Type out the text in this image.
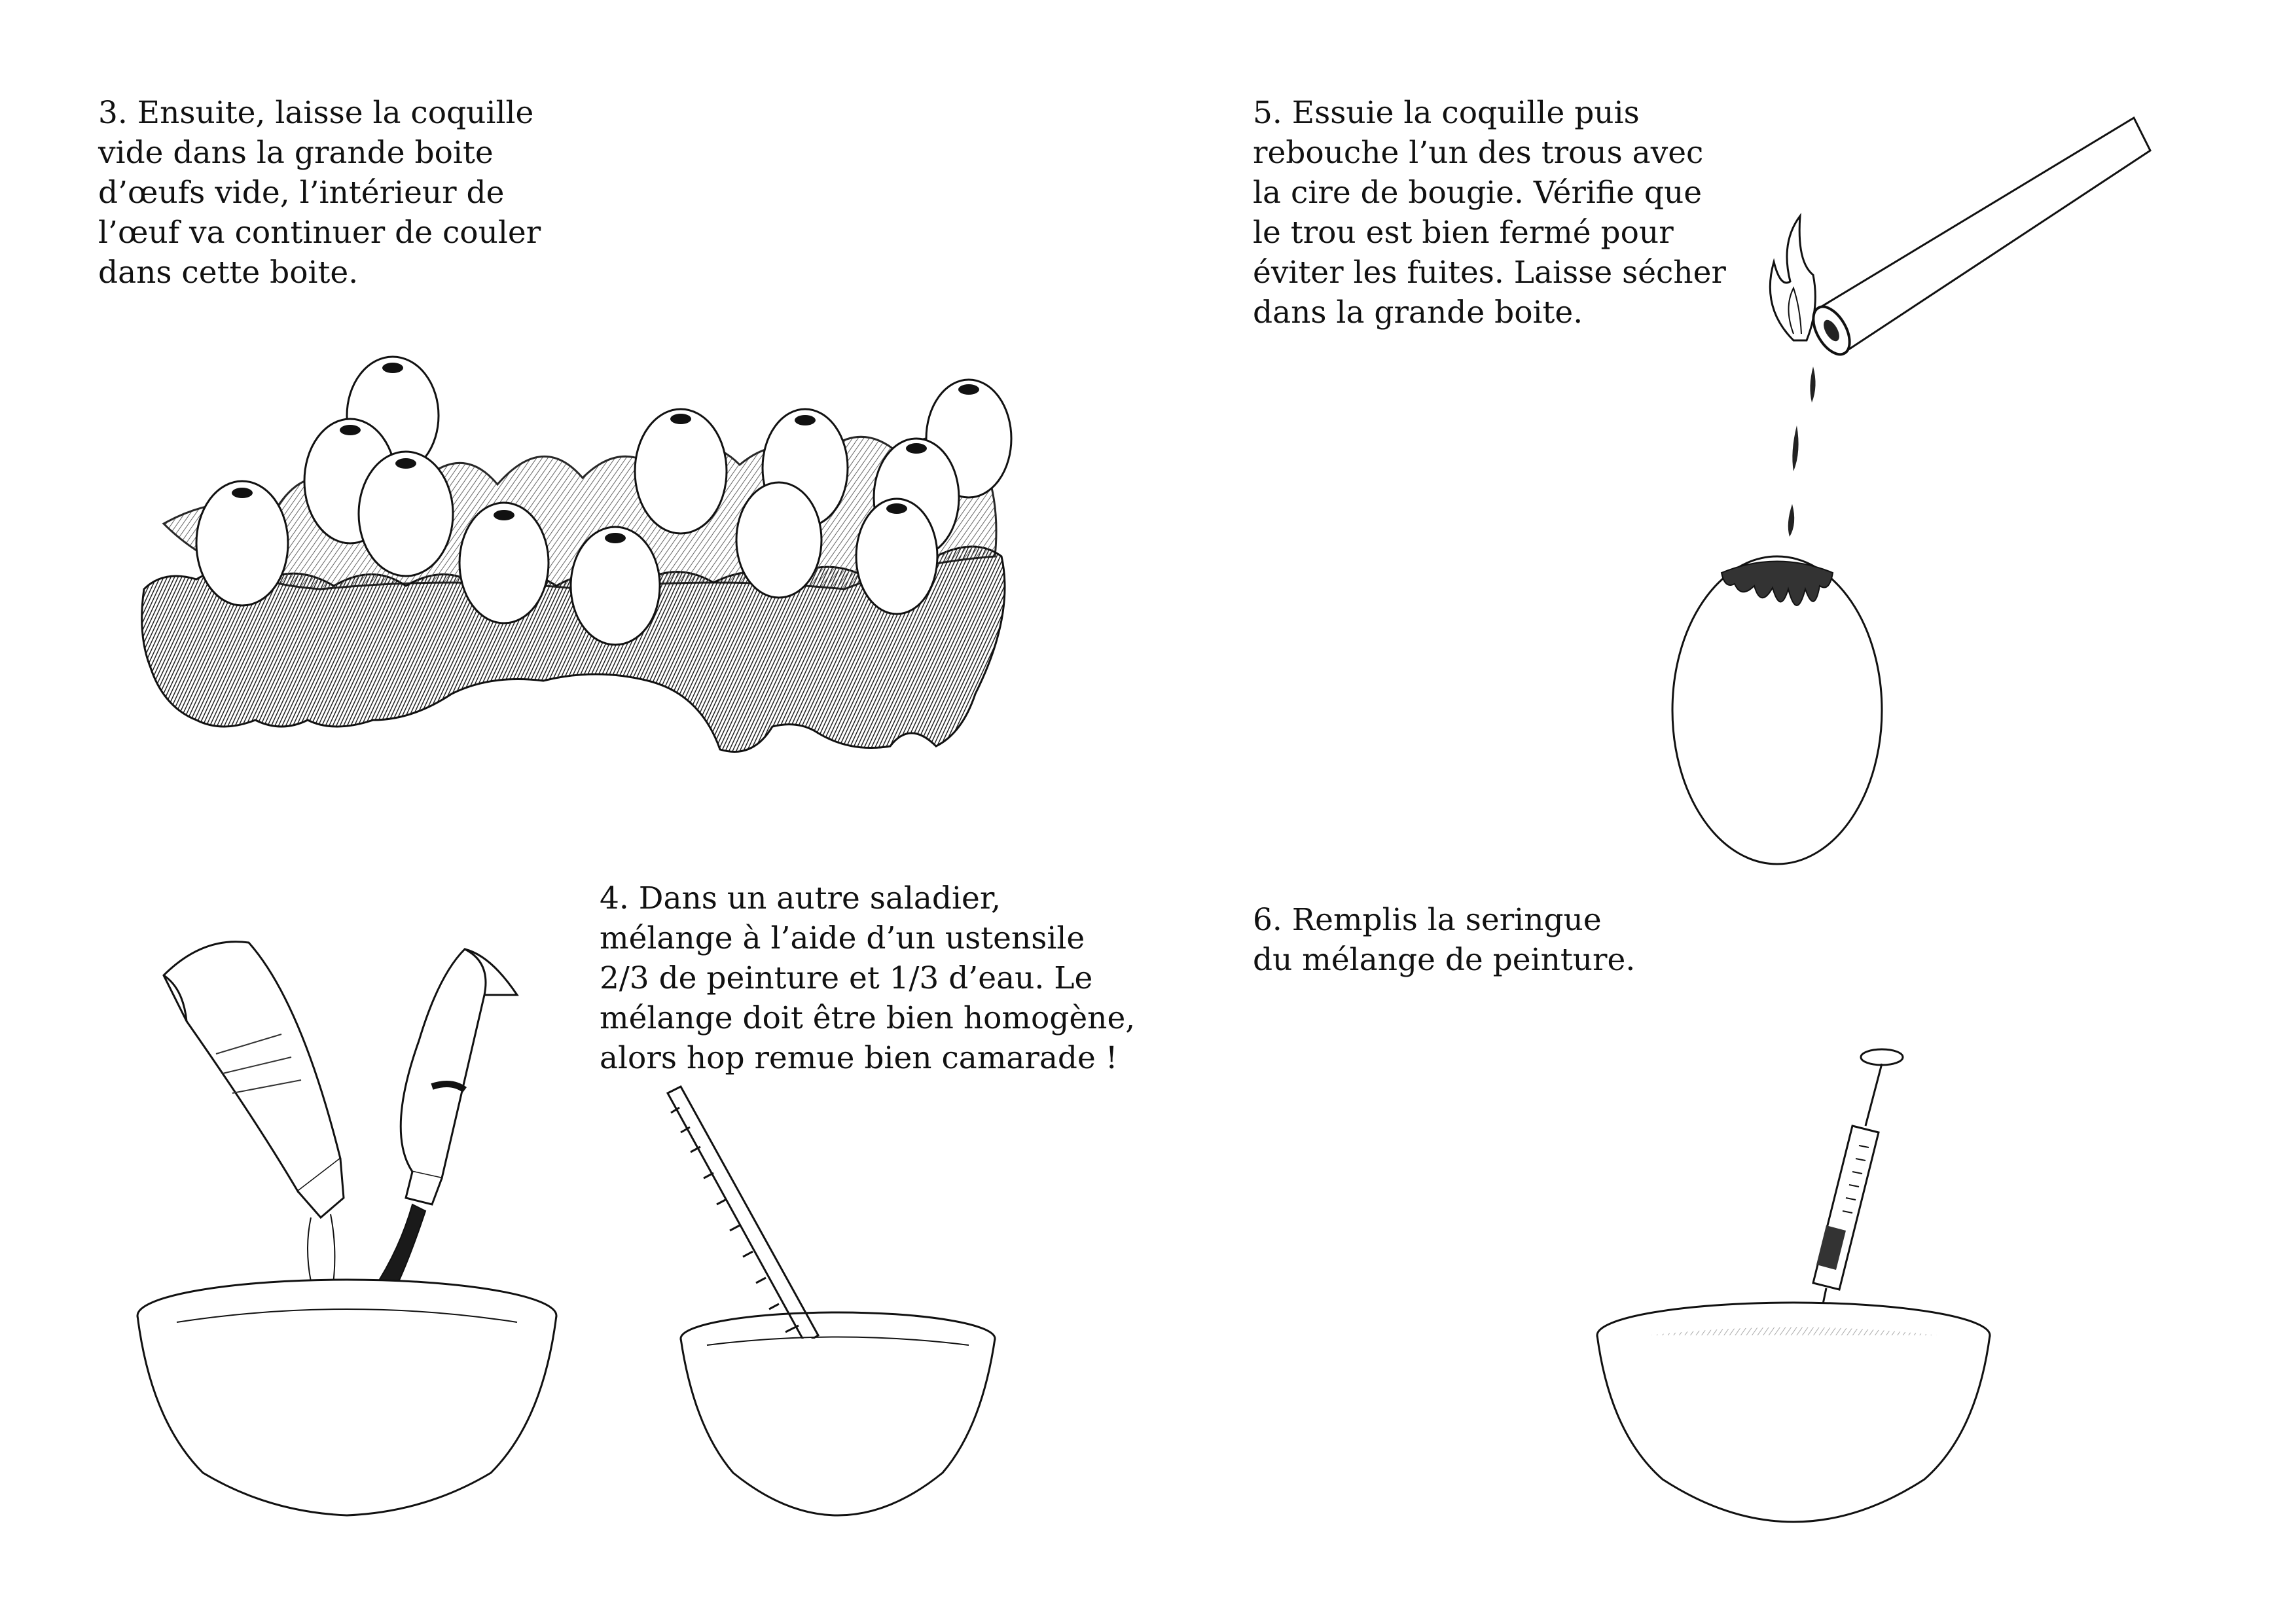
3. Ensuite, laisse la coquille
vide dans la grande boite
d’œufs vide, l’intérieur de
l’œuf va continuer de couler
dans cette boite.
4. Dans un autre saladier,
mélange à l’aide d’un ustensile
2/3 de peinture et 1/3 d’eau. Le
mélange doit être bien homogène,
alors hop remue bien camarade !
5. Essuie la coquille puis
rebouche l’un des trous avec
la cire de bougie. Vérifie que
le trou est bien fermé pour
éviter les fuites. Laisse sécher
dans la grande boite.
6. Remplis la seringue
du mélange de peinture.
